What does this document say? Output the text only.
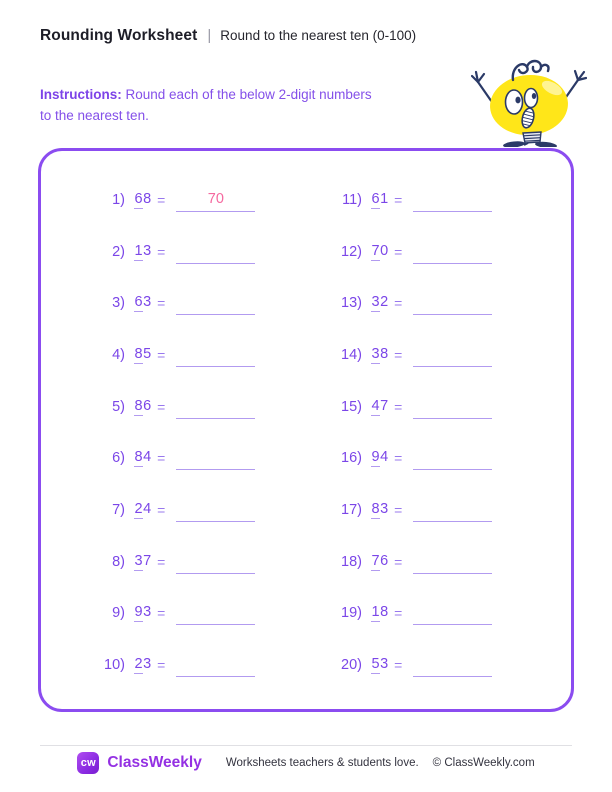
Rounding Worksheet | Round to the nearest ten (0-100)
Instructions: Round each of the below 2-digit numbers to the nearest ten.
1) 68 =	70
2) 13 =
3) 63 =
4) 85 =
5) 86 =
6) 84 =
7) 24 =
8) 37 =
9) 93 =
10) 23 =
11) 61 =
12) 70 =
13) 32 =
14) 38 =
15) 47 =
16) 94 =
17) 83 =
18) 76 =
19) 18 =
20) 53 =
cw ClassWeekly Worksheets teachers & students love. © ClassWeekly.com
